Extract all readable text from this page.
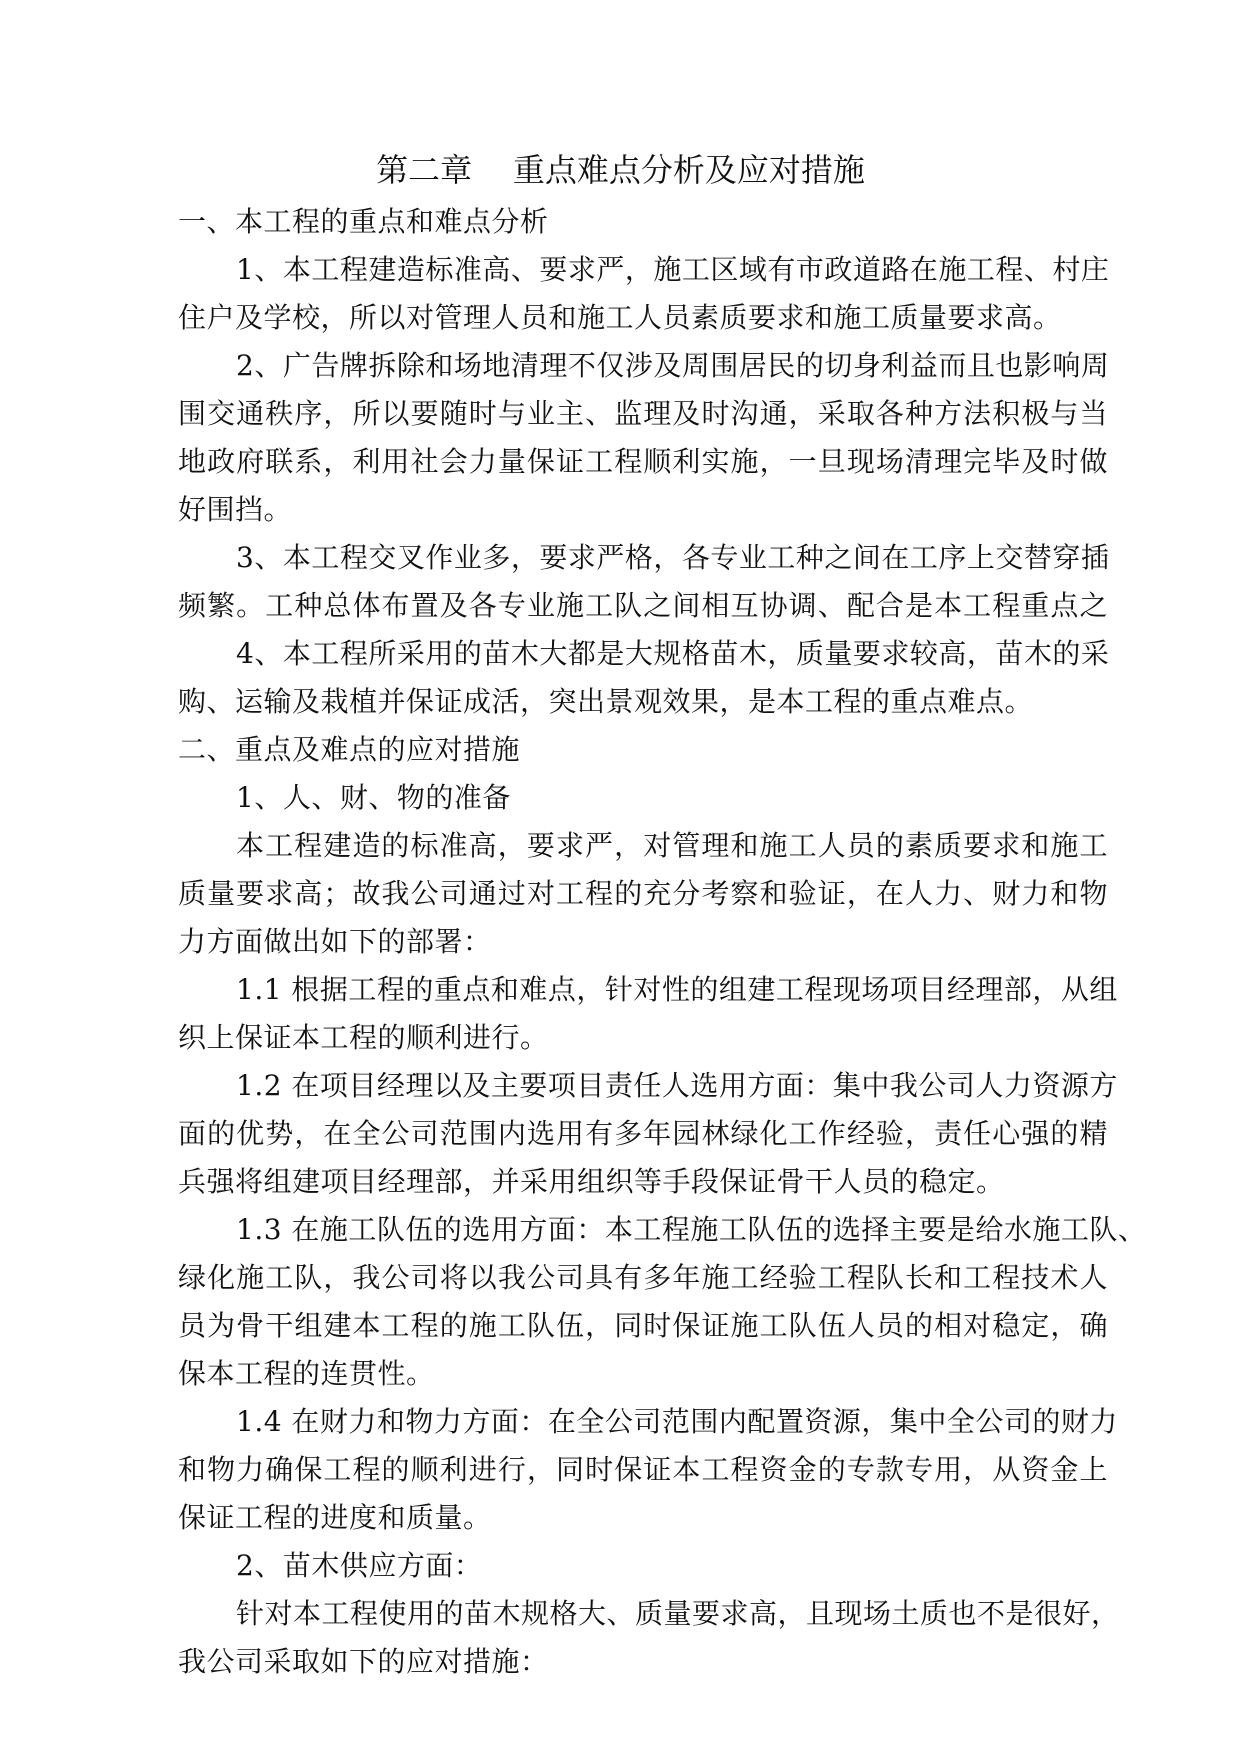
第二章    重点难点分析及应对措施
一、本工程的重点和难点分析
1、本工程建造标准高、要求严，施工区域有市政道路在施工程、村庄
住户及学校，所以对管理人员和施工人员素质要求和施工质量要求高。
2、广告牌拆除和场地清理不仅涉及周围居民的切身利益而且也影响周
围交通秩序，所以要随时与业主、监理及时沟通，采取各种方法积极与当
地政府联系，利用社会力量保证工程顺利实施，一旦现场清理完毕及时做
好围挡。
3、本工程交叉作业多，要求严格，各专业工种之间在工序上交替穿插
频繁。工种总体布置及各专业施工队之间相互协调、配合是本工程重点之
4、本工程所采用的苗木大都是大规格苗木，质量要求较高，苗木的采
购、运输及栽植并保证成活，突出景观效果，是本工程的重点难点。
二、重点及难点的应对措施
1、人、财、物的准备
本工程建造的标准高，要求严，对管理和施工人员的素质要求和施工
质量要求高；故我公司通过对工程的充分考察和验证，在人力、财力和物
力方面做出如下的部署：
1.1 根据工程的重点和难点，针对性的组建工程现场项目经理部，从组
织上保证本工程的顺利进行。
1.2 在项目经理以及主要项目责任人选用方面：集中我公司人力资源方
面的优势，在全公司范围内选用有多年园林绿化工作经验，责任心强的精
兵强将组建项目经理部，并采用组织等手段保证骨干人员的稳定。
1.3 在施工队伍的选用方面：本工程施工队伍的选择主要是给水施工队、
绿化施工队，我公司将以我公司具有多年施工经验工程队长和工程技术人
员为骨干组建本工程的施工队伍，同时保证施工队伍人员的相对稳定，确
保本工程的连贯性。
1.4 在财力和物力方面：在全公司范围内配置资源，集中全公司的财力
和物力确保工程的顺利进行，同时保证本工程资金的专款专用，从资金上
保证工程的进度和质量。
2、苗木供应方面：
针对本工程使用的苗木规格大、质量要求高，且现场土质也不是很好，
我公司采取如下的应对措施：
